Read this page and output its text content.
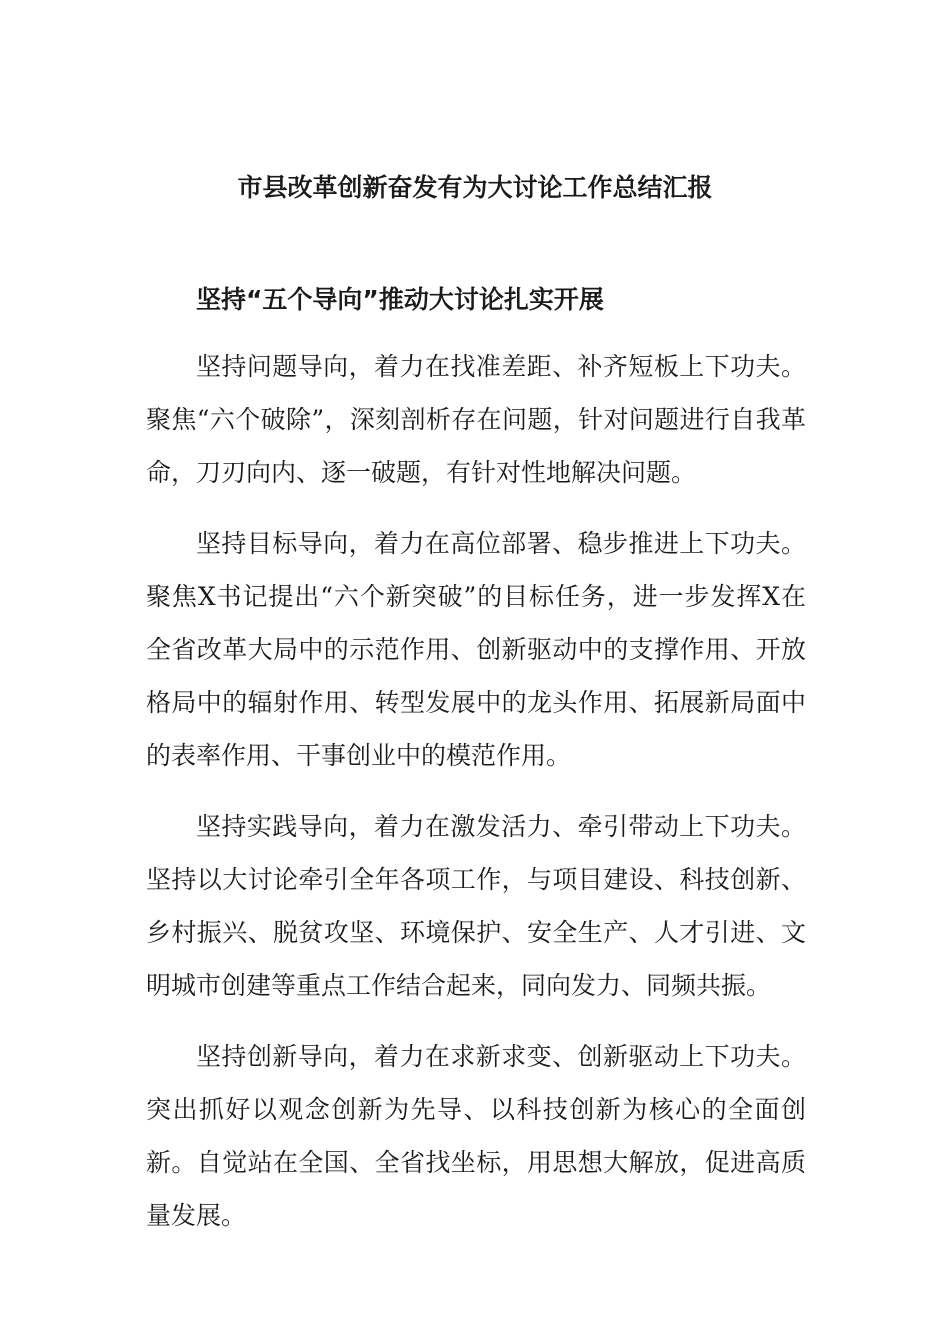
市县改革创新奋发有为大讨论工作总结汇报
坚持“五个导向”推动大讨论扎实开展

坚持问题导向，着力在找准差距、补齐短板上下功夫。聚焦“六个破除”，深刻剖析存在问题，针对问题进行自我革命，刀刃向内、逐一破题，有针对性地解决问题。

坚持目标导向，着力在高位部署、稳步推进上下功夫。聚焦X书记提出“六个新突破”的目标任务，进一步发挥X在全省改革大局中的示范作用、创新驱动中的支撑作用、开放格局中的辐射作用、转型发展中的龙头作用、拓展新局面中的表率作用、干事创业中的模范作用。

坚持实践导向，着力在激发活力、牵引带动上下功夫。坚持以大讨论牵引全年各项工作，与项目建设、科技创新、乡村振兴、脱贫攻坚、环境保护、安全生产、人才引进、文明城市创建等重点工作结合起来，同向发力、同频共振。

坚持创新导向，着力在求新求变、创新驱动上下功夫。突出抓好以观念创新为先导、以科技创新为核心的全面创新。自觉站在全国、全省找坐标，用思想大解放，促进高质量发展。
